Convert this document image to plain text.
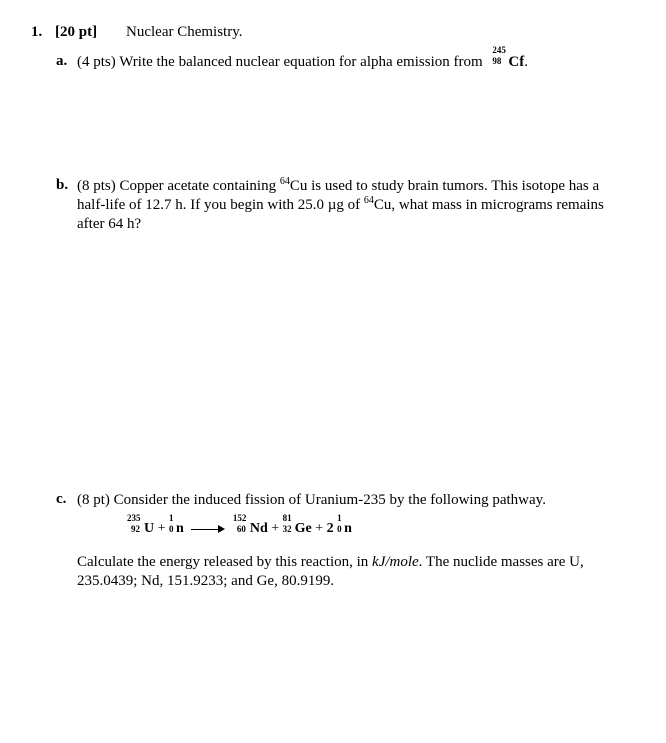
1. [20 pt] Nuclear Chemistry.
a. (4 pts) Write the balanced nuclear equation for alpha emission from
245
98 Cf.
b. (8 pts) Copper acetate containing $^{64}$Cu is used to study brain tumors. This isotope has a
half-life of 12.7 h. If you begin with 25.0 µg of $^{64}$Cu, what mass in micrograms remains
after 64 h?
c. (8 pt) Consider the induced fission of Uranium-235 by the following pathway.
235
92 U +
1
0 n
152
60 Nd +
81
32 Ge + 2
1
0 n
Calculate the energy released by this reaction, in kJ/mole. The nuclide masses are U,
235.0439; Nd, 151.9233; and Ge, 80.9199.
